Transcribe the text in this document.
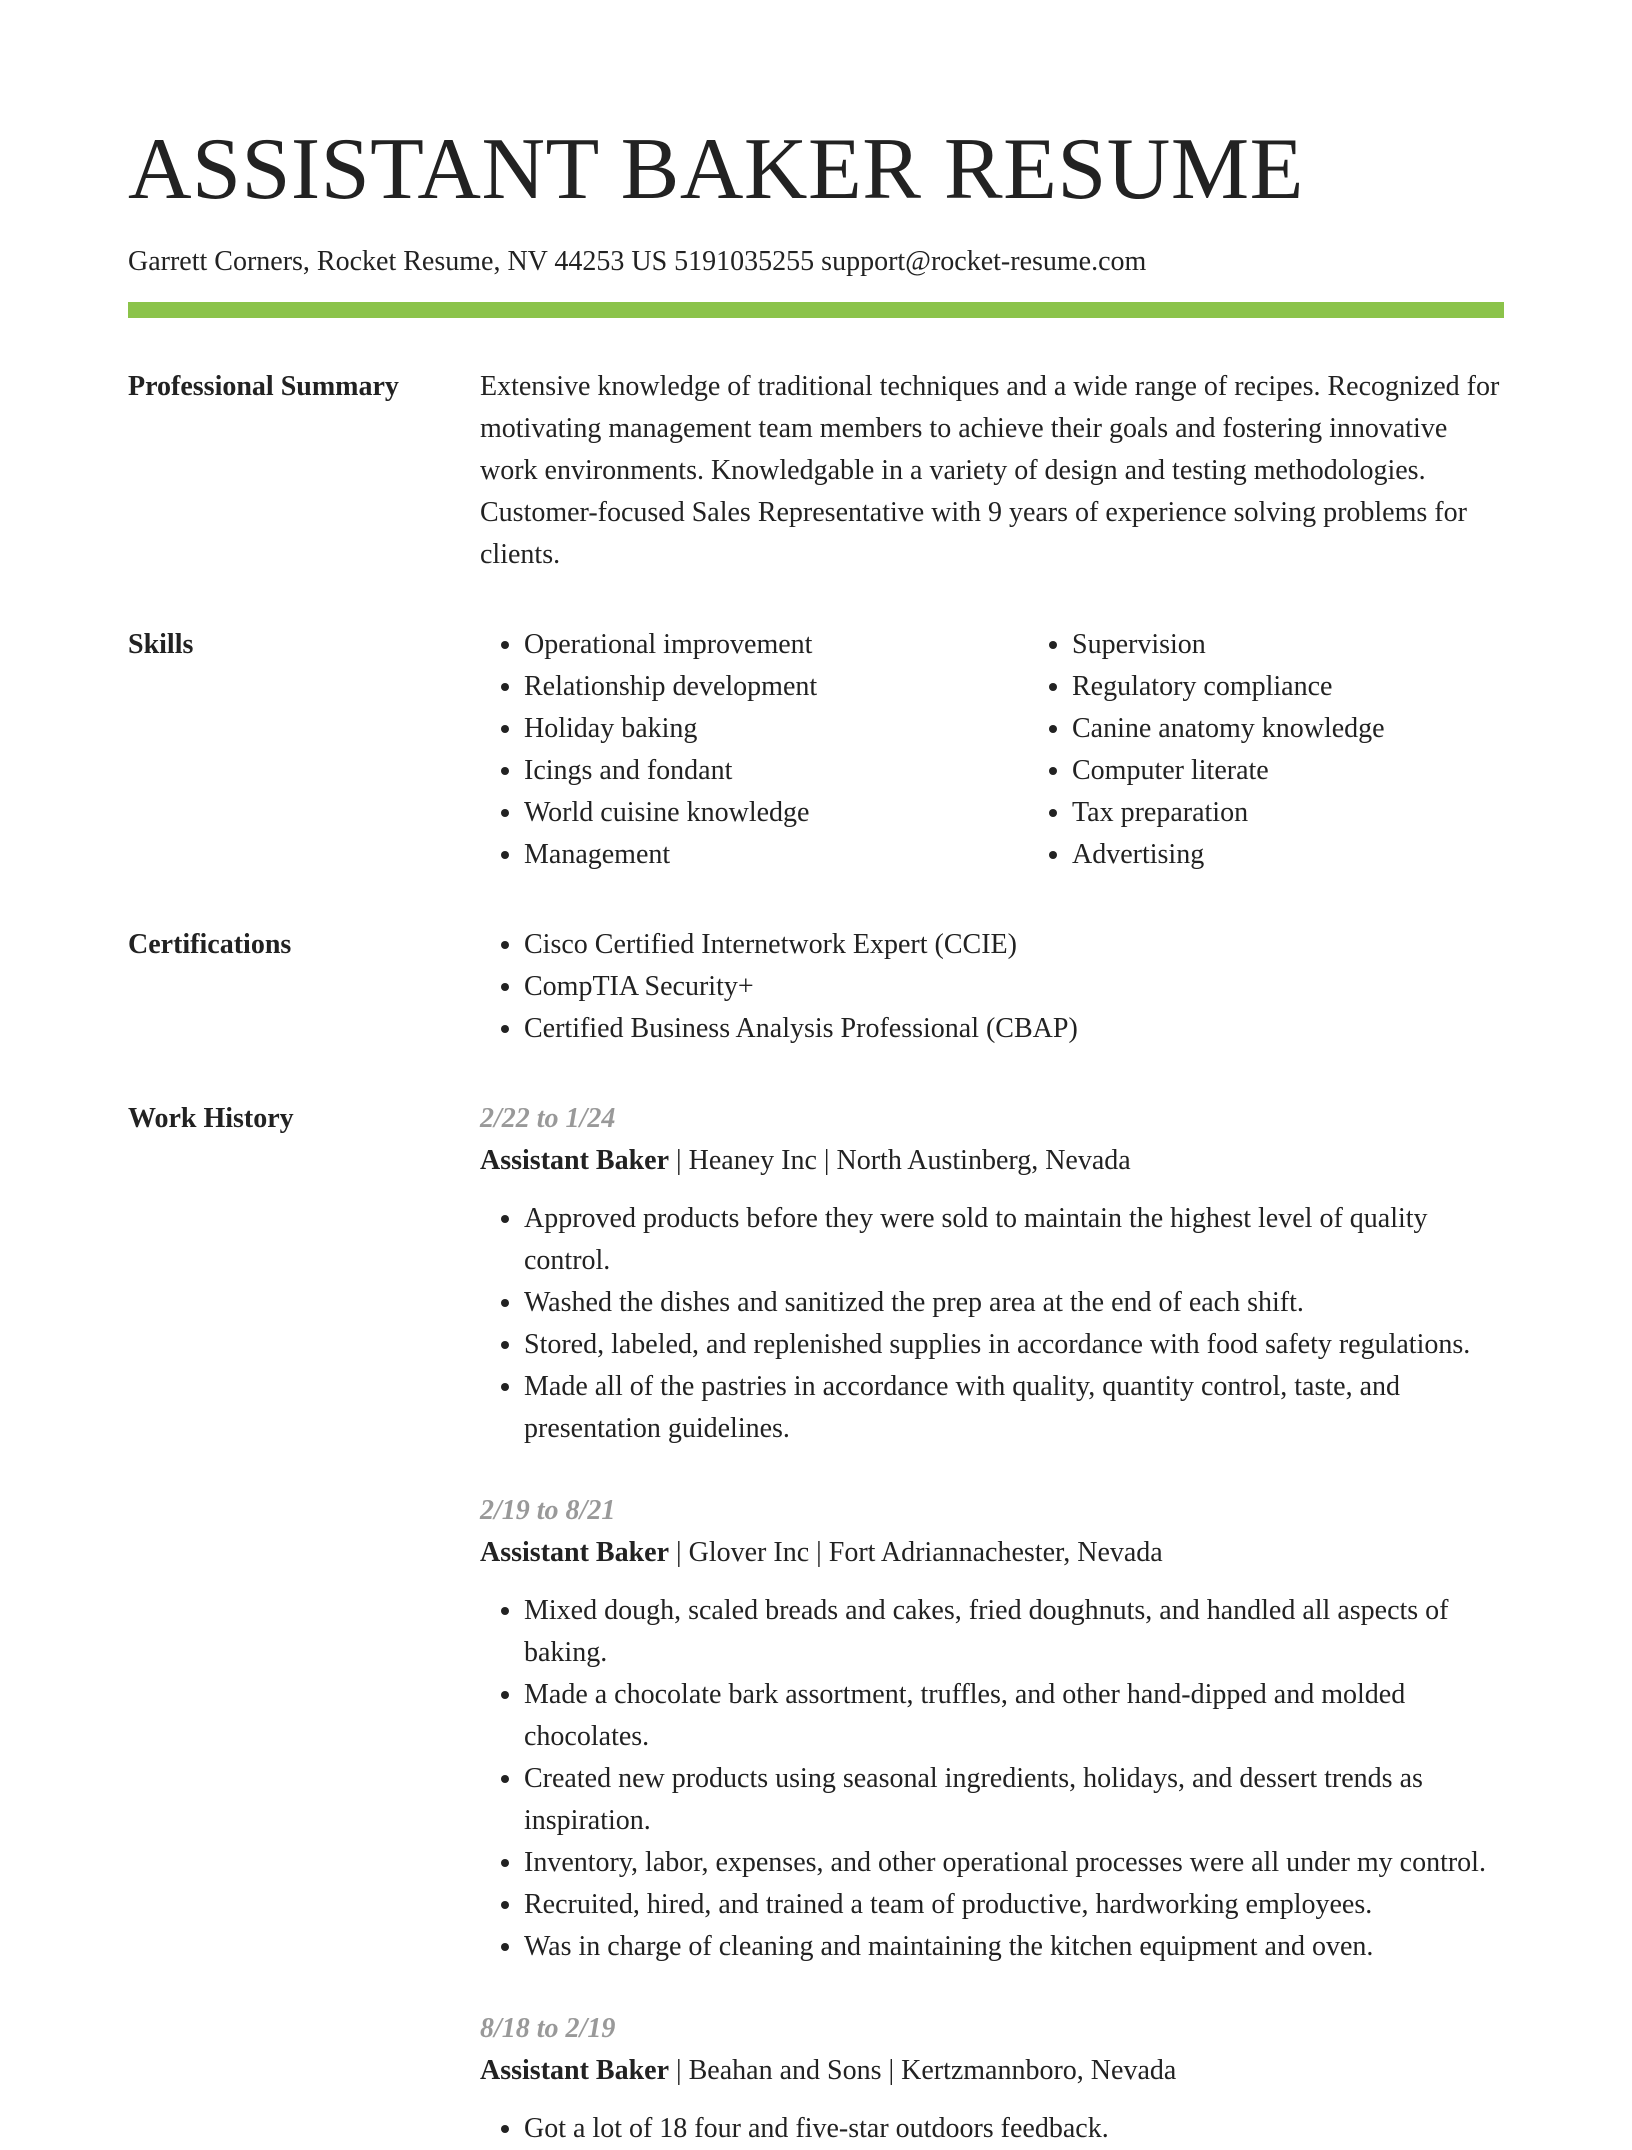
ASSISTANT BAKER RESUME
Garrett Corners, Rocket Resume, NV 44253 US 5191035255 support@rocket-resume.com
Professional Summary	Extensive knowledge of traditional techniques and a wide range of recipes. Recognized for motivating management team members to achieve their goals and fostering innovative work environments. Knowledgable in a variety of design and testing methodologies. Customer-focused Sales Representative with 9 years of experience solving problems for clients.

Skills	• Operational improvement
• Relationship development
• Holiday baking
• Icings and fondant
• World cuisine knowledge
• Management
• Supervision
• Regulatory compliance
• Canine anatomy knowledge
• Computer literate
• Tax preparation
• Advertising
Certifications	• Cisco Certified Internetwork Expert (CCIE)
• CompTIA Security+
• Certified Business Analysis Professional (CBAP)
Work History	2/22 to 1/24
Assistant Baker | Heaney Inc | North Austinberg, Nevada
• Approved products before they were sold to maintain the highest level of quality control.
• Washed the dishes and sanitized the prep area at the end of each shift.
• Stored, labeled, and replenished supplies in accordance with food safety regulations.
• Made all of the pastries in accordance with quality, quantity control, taste, and presentation guidelines.
2/19 to 8/21
Assistant Baker | Glover Inc | Fort Adriannachester, Nevada
• Mixed dough, scaled breads and cakes, fried doughnuts, and handled all aspects of baking.
• Made a chocolate bark assortment, truffles, and other hand-dipped and molded chocolates.
• Created new products using seasonal ingredients, holidays, and dessert trends as inspiration.
• Inventory, labor, expenses, and other operational processes were all under my control.
• Recruited, hired, and trained a team of productive, hardworking employees.
• Was in charge of cleaning and maintaining the kitchen equipment and oven.
8/18 to 2/19
Assistant Baker | Beahan and Sons | Kertzmannboro, Nevada
• Got a lot of 18 four and five-star outdoors feedback.
